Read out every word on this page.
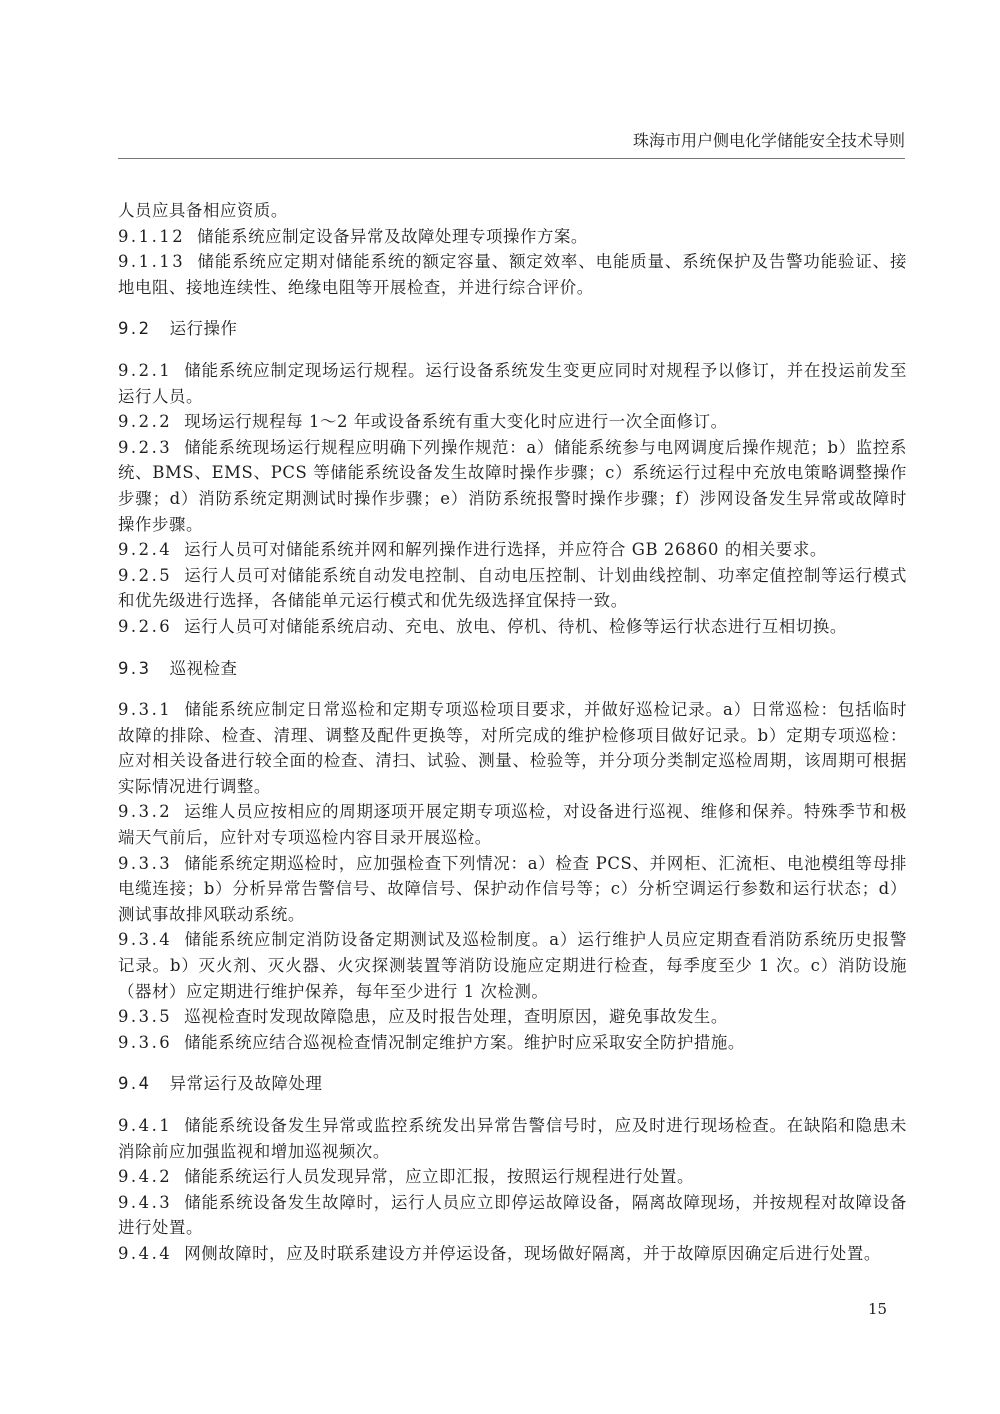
珠海市用户侧电化学储能安全技术导则

人员应具备相应资质。

9.1.12 储能系统应制定设备异常及故障处理专项操作方案。

9.1.13 储能系统应定期对储能系统的额定容量、额定效率、电能质量、系统保护及告警功能验证、接地电阻、接地连续性、绝缘电阻等开展检查，并进行综合评价。

9.2 运行操作

9.2.1 储能系统应制定现场运行规程。运行设备系统发生变更应同时对规程予以修订，并在投运前发至运行人员。

9.2.2 现场运行规程每 1～2 年或设备系统有重大变化时应进行一次全面修订。

9.2.3 储能系统现场运行规程应明确下列操作规范：a）储能系统参与电网调度后操作规范；b）监控系统、BMS、EMS、PCS 等储能系统设备发生故障时操作步骤；c）系统运行过程中充放电策略调整操作步骤；d）消防系统定期测试时操作步骤；e）消防系统报警时操作步骤；f）涉网设备发生异常或故障时操作步骤。

9.2.4 运行人员可对储能系统并网和解列操作进行选择，并应符合 GB 26860 的相关要求。

9.2.5 运行人员可对储能系统自动发电控制、自动电压控制、计划曲线控制、功率定值控制等运行模式和优先级进行选择，各储能单元运行模式和优先级选择宜保持一致。

9.2.6 运行人员可对储能系统启动、充电、放电、停机、待机、检修等运行状态进行互相切换。

9.3 巡视检查

9.3.1 储能系统应制定日常巡检和定期专项巡检项目要求，并做好巡检记录。a）日常巡检：包括临时故障的排除、检查、清理、调整及配件更换等，对所完成的维护检修项目做好记录。b）定期专项巡检：应对相关设备进行较全面的检查、清扫、试验、测量、检验等，并分项分类制定巡检周期，该周期可根据实际情况进行调整。

9.3.2 运维人员应按相应的周期逐项开展定期专项巡检，对设备进行巡视、维修和保养。特殊季节和极端天气前后，应针对专项巡检内容目录开展巡检。

9.3.3 储能系统定期巡检时，应加强检查下列情况：a）检查 PCS、并网柜、汇流柜、电池模组等母排电缆连接；b）分析异常告警信号、故障信号、保护动作信号等；c）分析空调运行参数和运行状态；d）测试事故排风联动系统。

9.3.4 储能系统应制定消防设备定期测试及巡检制度。a）运行维护人员应定期查看消防系统历史报警记录。b）灭火剂、灭火器、火灾探测装置等消防设施应定期进行检查，每季度至少 1 次。c）消防设施（器材）应定期进行维护保养，每年至少进行 1 次检测。

9.3.5 巡视检查时发现故障隐患，应及时报告处理，查明原因，避免事故发生。

9.3.6 储能系统应结合巡视检查情况制定维护方案。维护时应采取安全防护措施。

9.4 异常运行及故障处理

9.4.1 储能系统设备发生异常或监控系统发出异常告警信号时，应及时进行现场检查。在缺陷和隐患未消除前应加强监视和增加巡视频次。

9.4.2 储能系统运行人员发现异常，应立即汇报，按照运行规程进行处置。

9.4.3 储能系统设备发生故障时，运行人员应立即停运故障设备，隔离故障现场，并按规程对故障设备进行处置。

9.4.4 网侧故障时，应及时联系建设方并停运设备，现场做好隔离，并于故障原因确定后进行处置。

15
